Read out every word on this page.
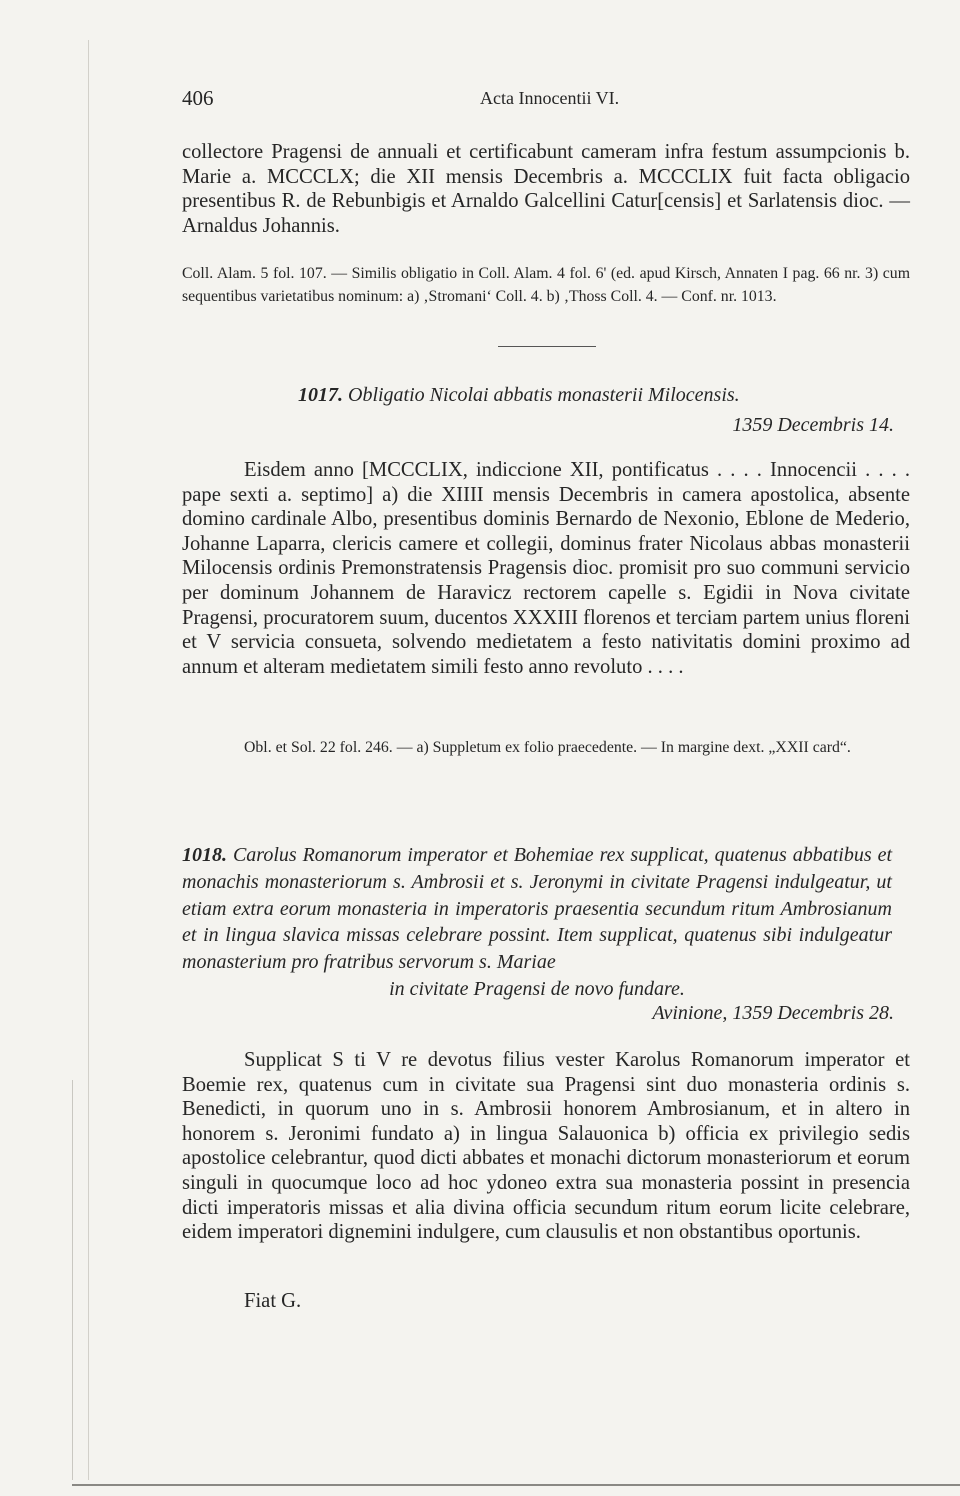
406	Acta Innocentii VI.

collectore Pragensi de annuali et certificabunt cameram infra festum assumpcionis b. Marie a. MCCCLX; die XII mensis Decembris a. MCCCLIX fuit facta obligacio presentibus R. de Rebunbigis et Arnaldo Galcellini Catur[censis] et Sarlatensis dioc. — Arnaldus Johannis.

Coll. Alam. 5 fol. 107. — Similis obligatio in Coll. Alam. 4 fol. 6' (ed. apud Kirsch, Annaten I pag. 66 nr. 3) cum sequentibus varietatibus nominum: a) ‚Stromani‘ Coll. 4. b) ‚Thoss Coll. 4. — Conf. nr. 1013.

1017. Obligatio Nicolai abbatis monasterii Milocensis.
1359 Decembris 14.

Eisdem anno [MCCCLIX, indiccione XII, pontificatus . . . . Innocencii . . . . pape sexti a. septimo] a) die XIIII mensis Decembris in camera apostolica, absente domino cardinale Albo, presentibus dominis Bernardo de Nexonio, Eblone de Mederio, Johanne Laparra, clericis camere et collegii, dominus frater Nicolaus abbas monasterii Milocensis ordinis Premonstratensis Pragensis dioc. promisit pro suo communi servicio per dominum Johannem de Haravicz rectorem capelle s. Egidii in Nova civitate Pragensi, procuratorem suum, ducentos XXXIII florenos et terciam partem unius floreni et V servicia consueta, solvendo medietatem a festo nativitatis domini proximo ad annum et alteram medietatem simili festo anno revoluto . . . .

Obl. et Sol. 22 fol. 246. — a) Suppletum ex folio praecedente. — In margine dext. „XXII card“.

1018. Carolus Romanorum imperator et Bohemiae rex supplicat, quatenus abbatibus et monachis monasteriorum s. Ambrosii et s. Jeronymi in civitate Pragensi indulgeatur, ut etiam extra eorum monasteria in imperatoris praesentia secundum ritum Ambrosianum et in lingua slavica missas celebrare possint. Item supplicat, quatenus sibi indulgeatur monasterium pro fratribus servorum s. Mariae
in civitate Pragensi de novo fundare.
Avinione, 1359 Decembris 28.

Supplicat S ti V re devotus filius vester Karolus Romanorum imperator et Boemie rex, quatenus cum in civitate sua Pragensi sint duo monasteria ordinis s. Benedicti, in quorum uno in s. Ambrosii honorem Ambrosianum, et in altero in honorem s. Jeronimi fundato a) in lingua Salauonica b) officia ex privilegio sedis apostolice celebrantur, quod dicti abbates et monachi dictorum monasteriorum et eorum singuli in quocumque loco ad hoc ydoneo extra sua monasteria possint in presencia dicti imperatoris missas et alia divina officia secundum ritum eorum licite celebrare, eidem imperatori dignemini indulgere, cum clausulis et non obstantibus oportunis.

Fiat G.
